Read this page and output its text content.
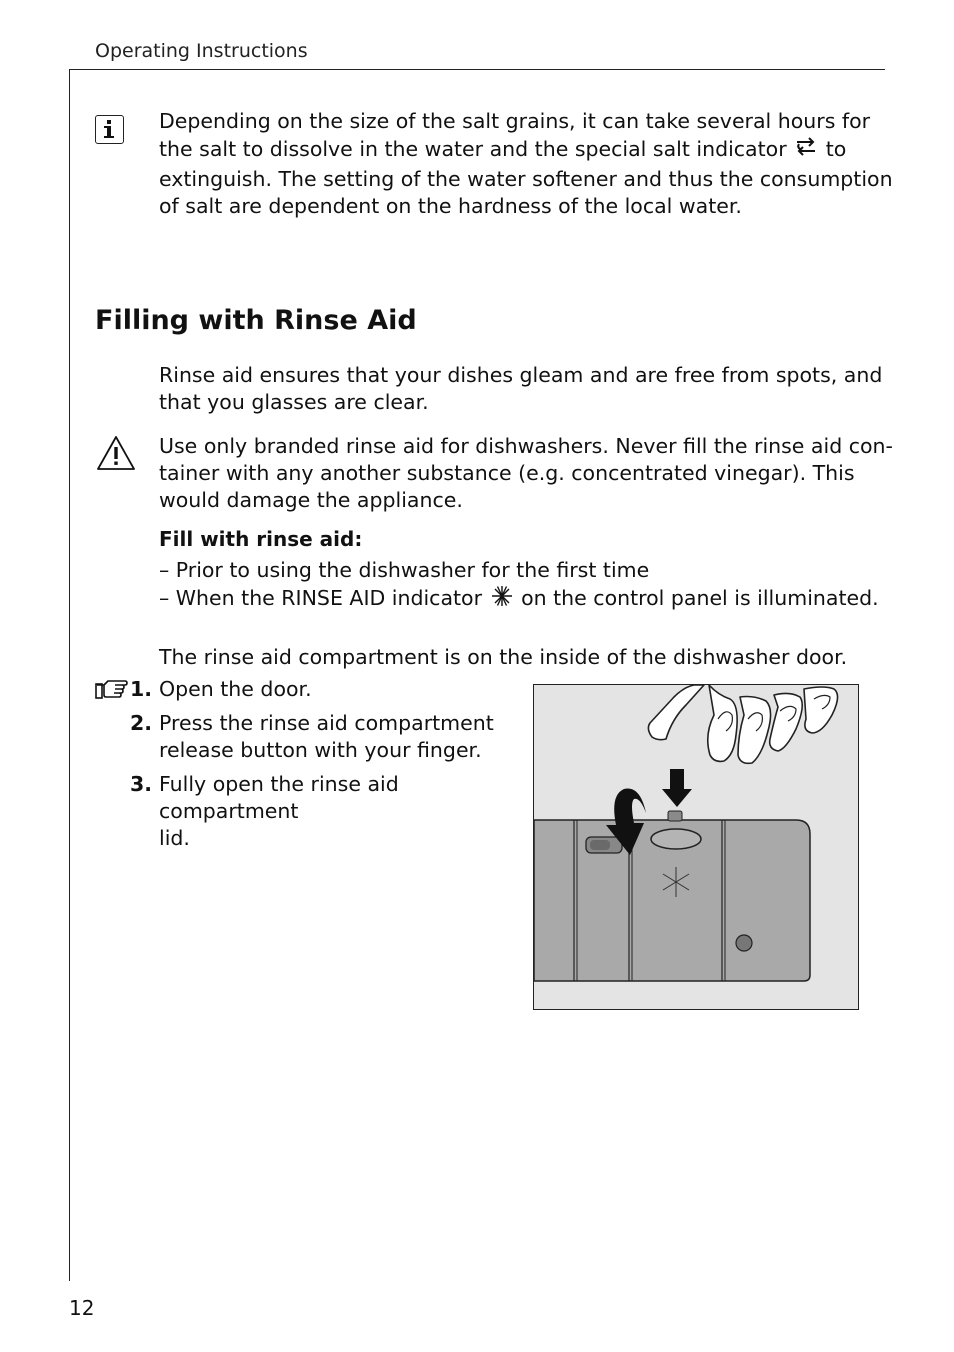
Operating Instructions
Depending on the size of the salt grains, it can take several hours for
the salt to dissolve in the water and the special salt indicator to
extinguish. The setting of the water softener and thus the consumption
of salt are dependent on the hardness of the local water.
Filling with Rinse Aid
Rinse aid ensures that your dishes gleam and are free from spots, and
that you glasses are clear.
Use only branded rinse aid for dishwashers. Never fill the rinse aid con-
tainer with any another substance (e.g. concentrated vinegar). This
would damage the appliance.
Fill with rinse aid:
– Prior to using the dishwasher for the first time
– When the RINSE AID indicator on the control panel is illuminated.
The rinse aid compartment is on the inside of the dishwasher door.
1. Open the door.
2. Press the rinse aid compartment
release button with your finger.
3. Fully open the rinse aid compartment
lid.
12
